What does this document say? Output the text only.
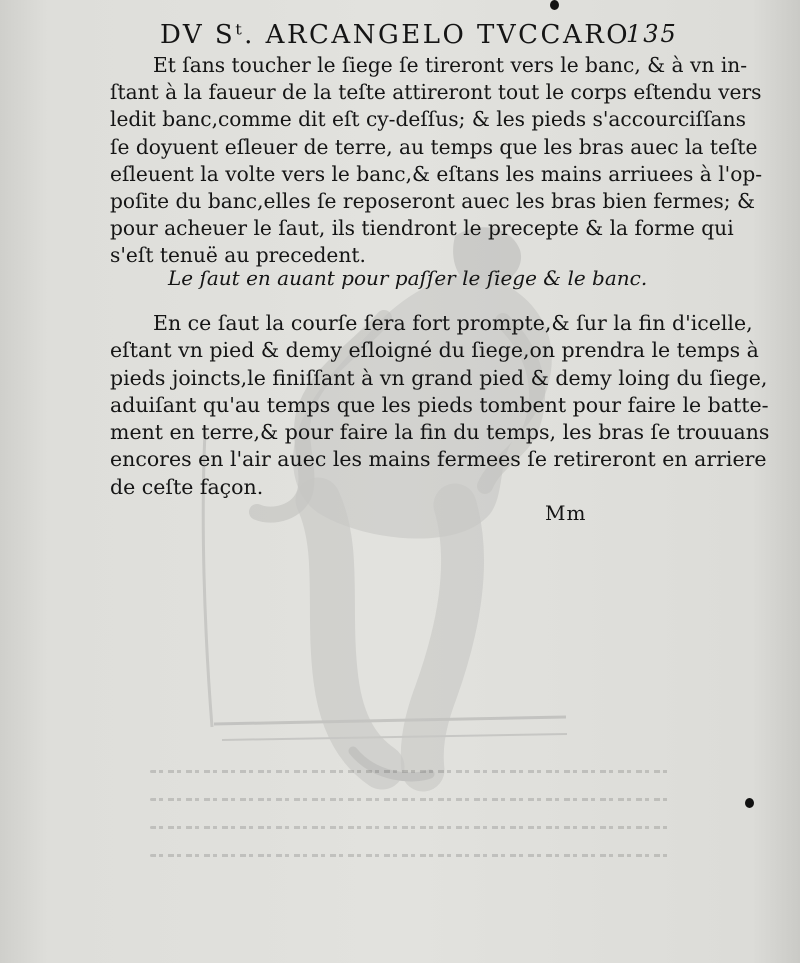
DV Sᵗ. ARCANGELO TVCCARO
135
Et ſans toucher le ſiege ſe tireront vers le banc, & à vn in-
ſtant à la faueur de la teſte attireront tout le corps eſtendu vers
ledit banc,comme dit eſt cy-deſſus; & les pieds s'accourciſſans
ſe doyuent eſleuer de terre, au temps que les bras auec la teſte
eſleuent la volte vers le banc,& eſtans les mains arriuees à l'op-
poſite du banc,elles ſe reposeront auec les bras bien fermes; &
pour acheuer le ſaut, ils tiendront le precepte & la forme qui
s'eſt tenuë au precedent.
Le ſaut en auant pour paſſer le ſiege & le banc.
En ce ſaut la courſe ſera fort prompte,& ſur la fin d'icelle,
eſtant vn pied & demy eſloigné du ſiege,on prendra le temps à
pieds joincts,le finiſſant à vn grand pied & demy loing du ſiege,
aduiſant qu'au temps que les pieds tombent pour faire le batte-
ment en terre,& pour faire la fin du temps, les bras ſe trouuans
encores en l'air auec les mains fermees ſe retireront en arriere
de ceſte façon.
Mm
